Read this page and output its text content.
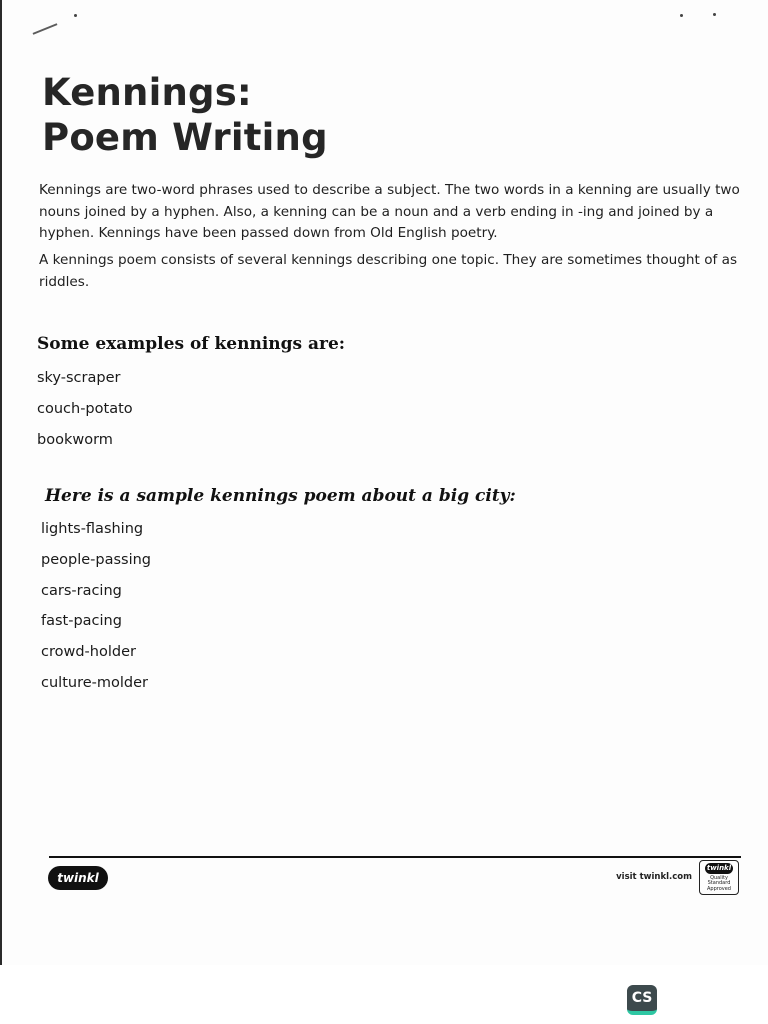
Kennings:
Poem Writing

Kennings are two-word phrases used to describe a subject. The two words in a kenning are usually two nouns joined by a hyphen. Also, a kenning can be a noun and a verb ending in -ing and joined by a hyphen. Kennings have been passed down from Old English poetry.

A kennings poem consists of several kennings describing one topic. They are sometimes thought of as riddles.

Some examples of kennings are:
sky-scraper
couch-potato
bookworm
Here is a sample kennings poem about a big city:
lights-flashing
people-passing
cars-racing
fast-pacing
crowd-holder
culture-molder
twinkl	visit twinkl.com
twinkl
Quality Standard Approved
CS
